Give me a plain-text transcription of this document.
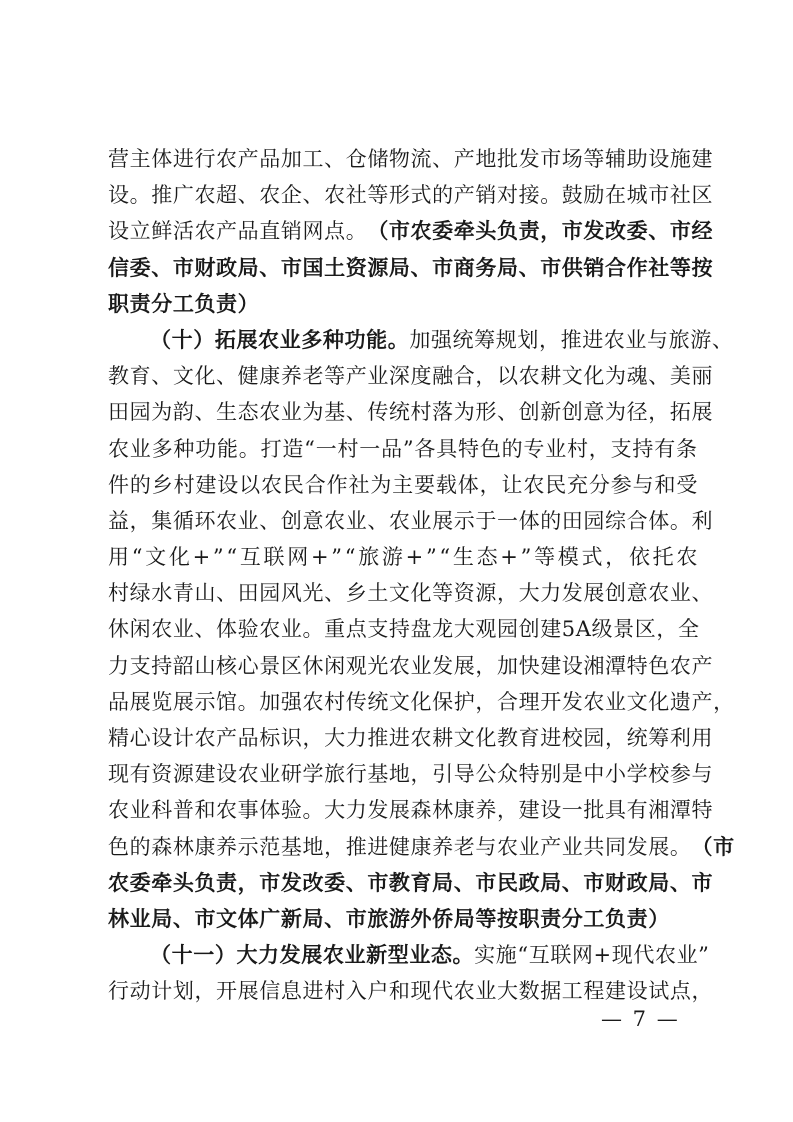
营 主 体 进 行 农 产 品 加 工 、 仓 储 物 流 、 产 地 批 发 市 场 等 辅 助 设 施 建
设 。 推 广 农 超 、 农 企 、 农 社 等 形 式 的 产 销 对 接 。 鼓 励 在 城 市 社 区
设 立 鲜 活 农 产 品 直 销 网 点 。 （ 市 农 委 牵 头 负 责 ， 市 发 改 委 、 市 经
信 委 、 市 财 政 局 、 市 国 土 资 源 局 、 市 商 务 局 、 市 供 销 合 作 社 等 按
职 责 分 工 负 责 ）
（ 十 ） 拓 展 农 业 多 种 功 能 。 加 强 统 筹 规 划 ， 推 进 农 业 与 旅 游 、
教 育 、 文 化 、 健 康 养 老 等 产 业 深 度 融 合 ， 以 农 耕 文 化 为 魂 、 美 丽
田 园 为 韵 、 生 态 农 业 为 基 、 传 统 村 落 为 形 、 创 新 创 意 为 径 ， 拓 展
农 业 多 种 功 能 。 打 造 “ 一 村 一 品 ” 各 具 特 色 的 专 业 村 ， 支 持 有 条
件 的 乡 村 建 设 以 农 民 合 作 社 为 主 要 载 体 ， 让 农 民 充 分 参 与 和 受
益 ， 集 循 环 农 业 、 创 意 农 业 、 农 业 展 示 于 一 体 的 田 园 综 合 体 。 利
用 “ 文 化 + ” “ 互 联 网 + ” “ 旅 游 + ” “ 生 态 + ” 等 模 式 ， 依 托 农
村 绿 水 青 山 、 田 园 风 光 、 乡 土 文 化 等 资 源 ， 大 力 发 展 创 意 农 业 、
休 闲 农 业 、 体 验 农 业 。 重 点 支 持 盘 龙 大 观 园 创 建 5 A 级 景 区 ， 全
力 支 持 韶 山 核 心 景 区 休 闲 观 光 农 业 发 展 ， 加 快 建 设 湘 潭 特 色 农 产
品 展 览 展 示 馆 。 加 强 农 村 传 统 文 化 保 护 ， 合 理 开 发 农 业 文 化 遗 产 ，
精 心 设 计 农 产 品 标 识 ， 大 力 推 进 农 耕 文 化 教 育 进 校 园 ， 统 筹 利 用
现 有 资 源 建 设 农 业 研 学 旅 行 基 地 ， 引 导 公 众 特 别 是 中 小 学 校 参 与
农 业 科 普 和 农 事 体 验 。 大 力 发 展 森 林 康 养 ， 建 设 一 批 具 有 湘 潭 特
色 的 森 林 康 养 示 范 基 地 ， 推 进 健 康 养 老 与 农 业 产 业 共 同 发 展 。 （ 市
农 委 牵 头 负 责 ， 市 发 改 委 、 市 教 育 局 、 市 民 政 局 、 市 财 政 局 、 市
林 业 局 、 市 文 体 广 新 局 、 市 旅 游 外 侨 局 等 按 职 责 分 工 负 责 ）
（ 十 一 ） 大 力 发 展 农 业 新 型 业 态 。 实 施 “ 互 联 网 + 现 代 农 业 ”
行 动 计 划 ， 开 展 信 息 进 村 入 户 和 现 代 农 业 大 数 据 工 程 建 设 试 点 ，
— 7 —
